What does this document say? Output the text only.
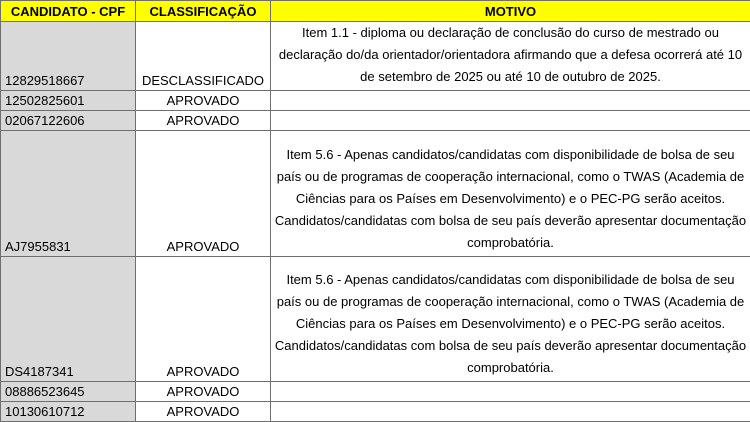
CANDIDATO - CPF	CLASSIFICAÇÃO	MOTIVO
12829518667	DESCLASSIFICADO	Item 1.1 - diploma ou declaração de conclusão do curso de mestrado ou declaração do/da orientador/orientadora afirmando que a defesa ocorrerá até 10 de setembro de 2025 ou até 10 de outubro de 2025.
12502825601	APROVADO	
02067122606	APROVADO	
AJ7955831	APROVADO	Item 5.6 - Apenas candidatos/candidatas com disponibilidade de bolsa de seu país ou de programas de cooperação internacional, como o TWAS (Academia de Ciências para os Países em Desenvolvimento) e o PEC-PG serão aceitos. Candidatos/candidatas com bolsa de seu país deverão apresentar documentação comprobatória.
DS4187341	APROVADO	Item 5.6 - Apenas candidatos/candidatas com disponibilidade de bolsa de seu país ou de programas de cooperação internacional, como o TWAS (Academia de Ciências para os Países em Desenvolvimento) e o PEC-PG serão aceitos. Candidatos/candidatas com bolsa de seu país deverão apresentar documentação comprobatória.
08886523645	APROVADO	
10130610712	APROVADO	
